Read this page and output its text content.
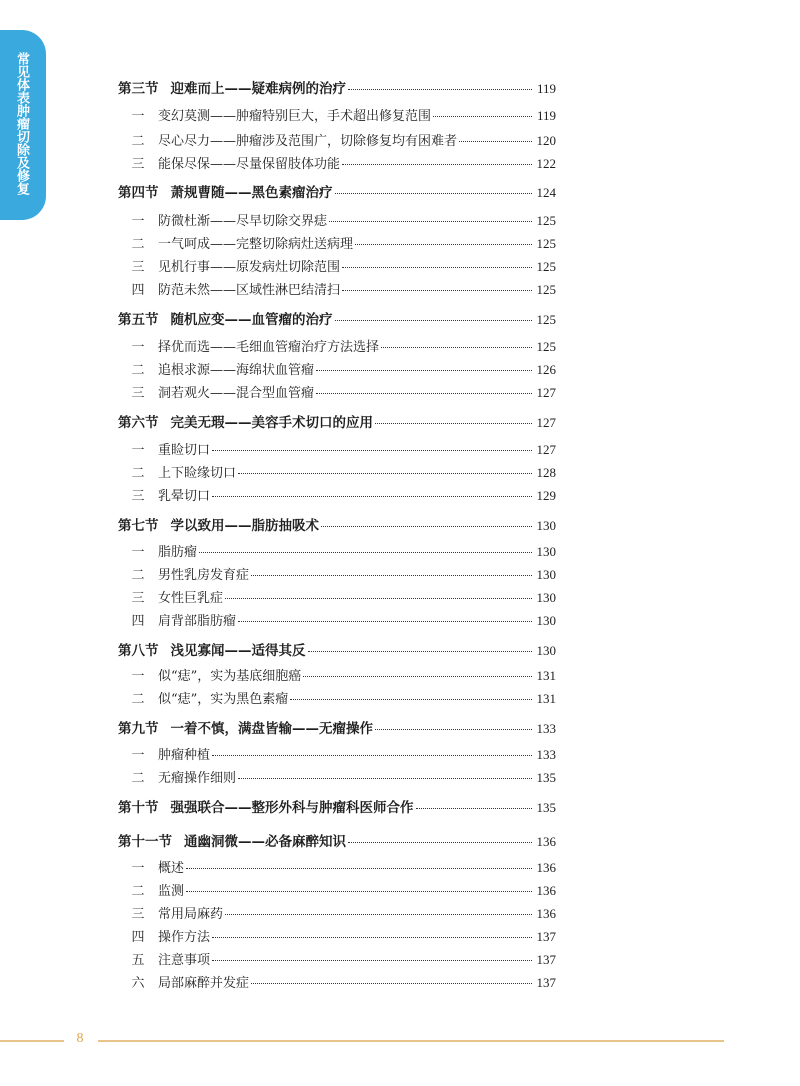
常见体表肿瘤切除及修复	第三节 迎难而上——疑难病例的治疗	119
一	变幻莫测——肿瘤特别巨大，手术超出修复范围	119
二	尽心尽力——肿瘤涉及范围广，切除修复均有困难者	120
三	能保尽保——尽量保留肢体功能	122
第四节 萧规曹随——黑色素瘤治疗	124
一	防微杜渐——尽早切除交界痣	125
二	一气呵成——完整切除病灶送病理	125
三	见机行事——原发病灶切除范围	125
四	防范未然——区域性淋巴结清扫	125
第五节 随机应变——血管瘤的治疗	125
一	择优而选——毛细血管瘤治疗方法选择	125
二	追根求源——海绵状血管瘤	126
三	洞若观火——混合型血管瘤	127
第六节 完美无瑕——美容手术切口的应用	127
一	重睑切口	127
二	上下睑缘切口	128
三	乳晕切口	129
第七节 学以致用——脂肪抽吸术	130
一	脂肪瘤	130
二	男性乳房发育症	130
三	女性巨乳症	130
四	肩背部脂肪瘤	130
第八节 浅见寡闻——适得其反	130
一	似“痣”，实为基底细胞癌	131
二	似“痣”，实为黑色素瘤	131
第九节 一着不慎，满盘皆输——无瘤操作	133
一	肿瘤种植	133
二	无瘤操作细则	135
第十节 强强联合——整形外科与肿瘤科医师合作	135
第十一节 通幽洞微——必备麻醉知识	136
一	概述	136
二	监测	136
三	常用局麻药	136
四	操作方法	137
五	注意事项	137
六	局部麻醉并发症	137
8
